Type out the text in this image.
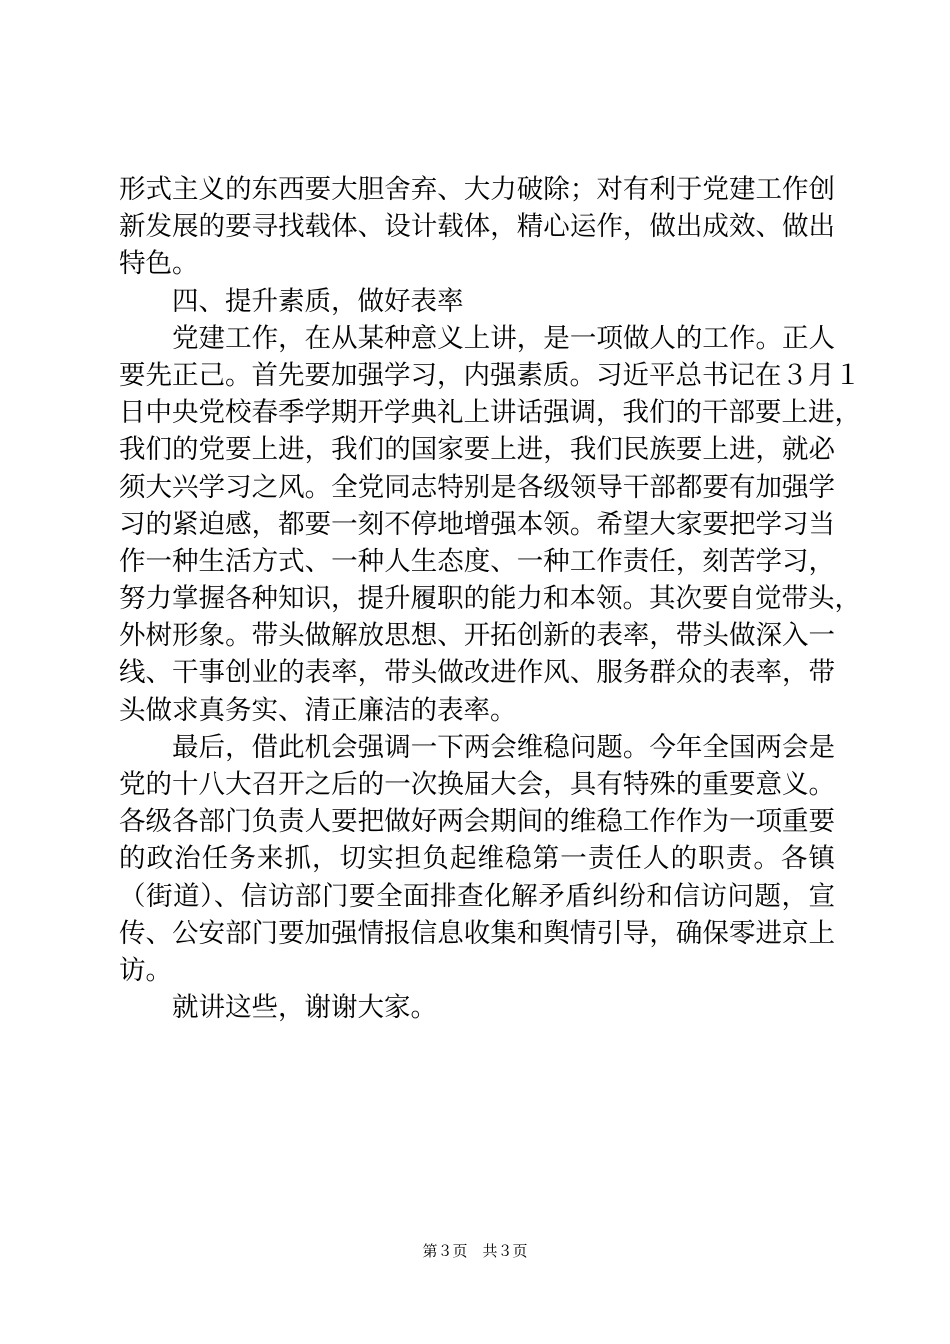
形式主义的东西要大胆舍弃、大力破除；对有利于党建工作创
新发展的要寻找载体、设计载体，精心运作，做出成效、做出
特色。
　　四、提升素质，做好表率
　　党建工作，在从某种意义上讲，是一项做人的工作。正人
要先正己。首先要加强学习，内强素质。习近平总书记在３月１
日中央党校春季学期开学典礼上讲话强调，我们的干部要上进，
我们的党要上进，我们的国家要上进，我们民族要上进，就必
须大兴学习之风。全党同志特别是各级领导干部都要有加强学
习的紧迫感，都要一刻不停地增强本领。希望大家要把学习当
作一种生活方式、一种人生态度、一种工作责任，刻苦学习，
努力掌握各种知识，提升履职的能力和本领。其次要自觉带头，
外树形象。带头做解放思想、开拓创新的表率，带头做深入一
线、干事创业的表率，带头做改进作风、服务群众的表率，带
头做求真务实、清正廉洁的表率。
　　最后，借此机会强调一下两会维稳问题。今年全国两会是
党的十八大召开之后的一次换届大会，具有特殊的重要意义。
各级各部门负责人要把做好两会期间的维稳工作作为一项重要
的政治任务来抓，切实担负起维稳第一责任人的职责。各镇
（街道）、信访部门要全面排查化解矛盾纠纷和信访问题，宣
传、公安部门要加强情报信息收集和舆情引导，确保零进京上
访。
　　就讲这些，谢谢大家。
第３页　共３页
